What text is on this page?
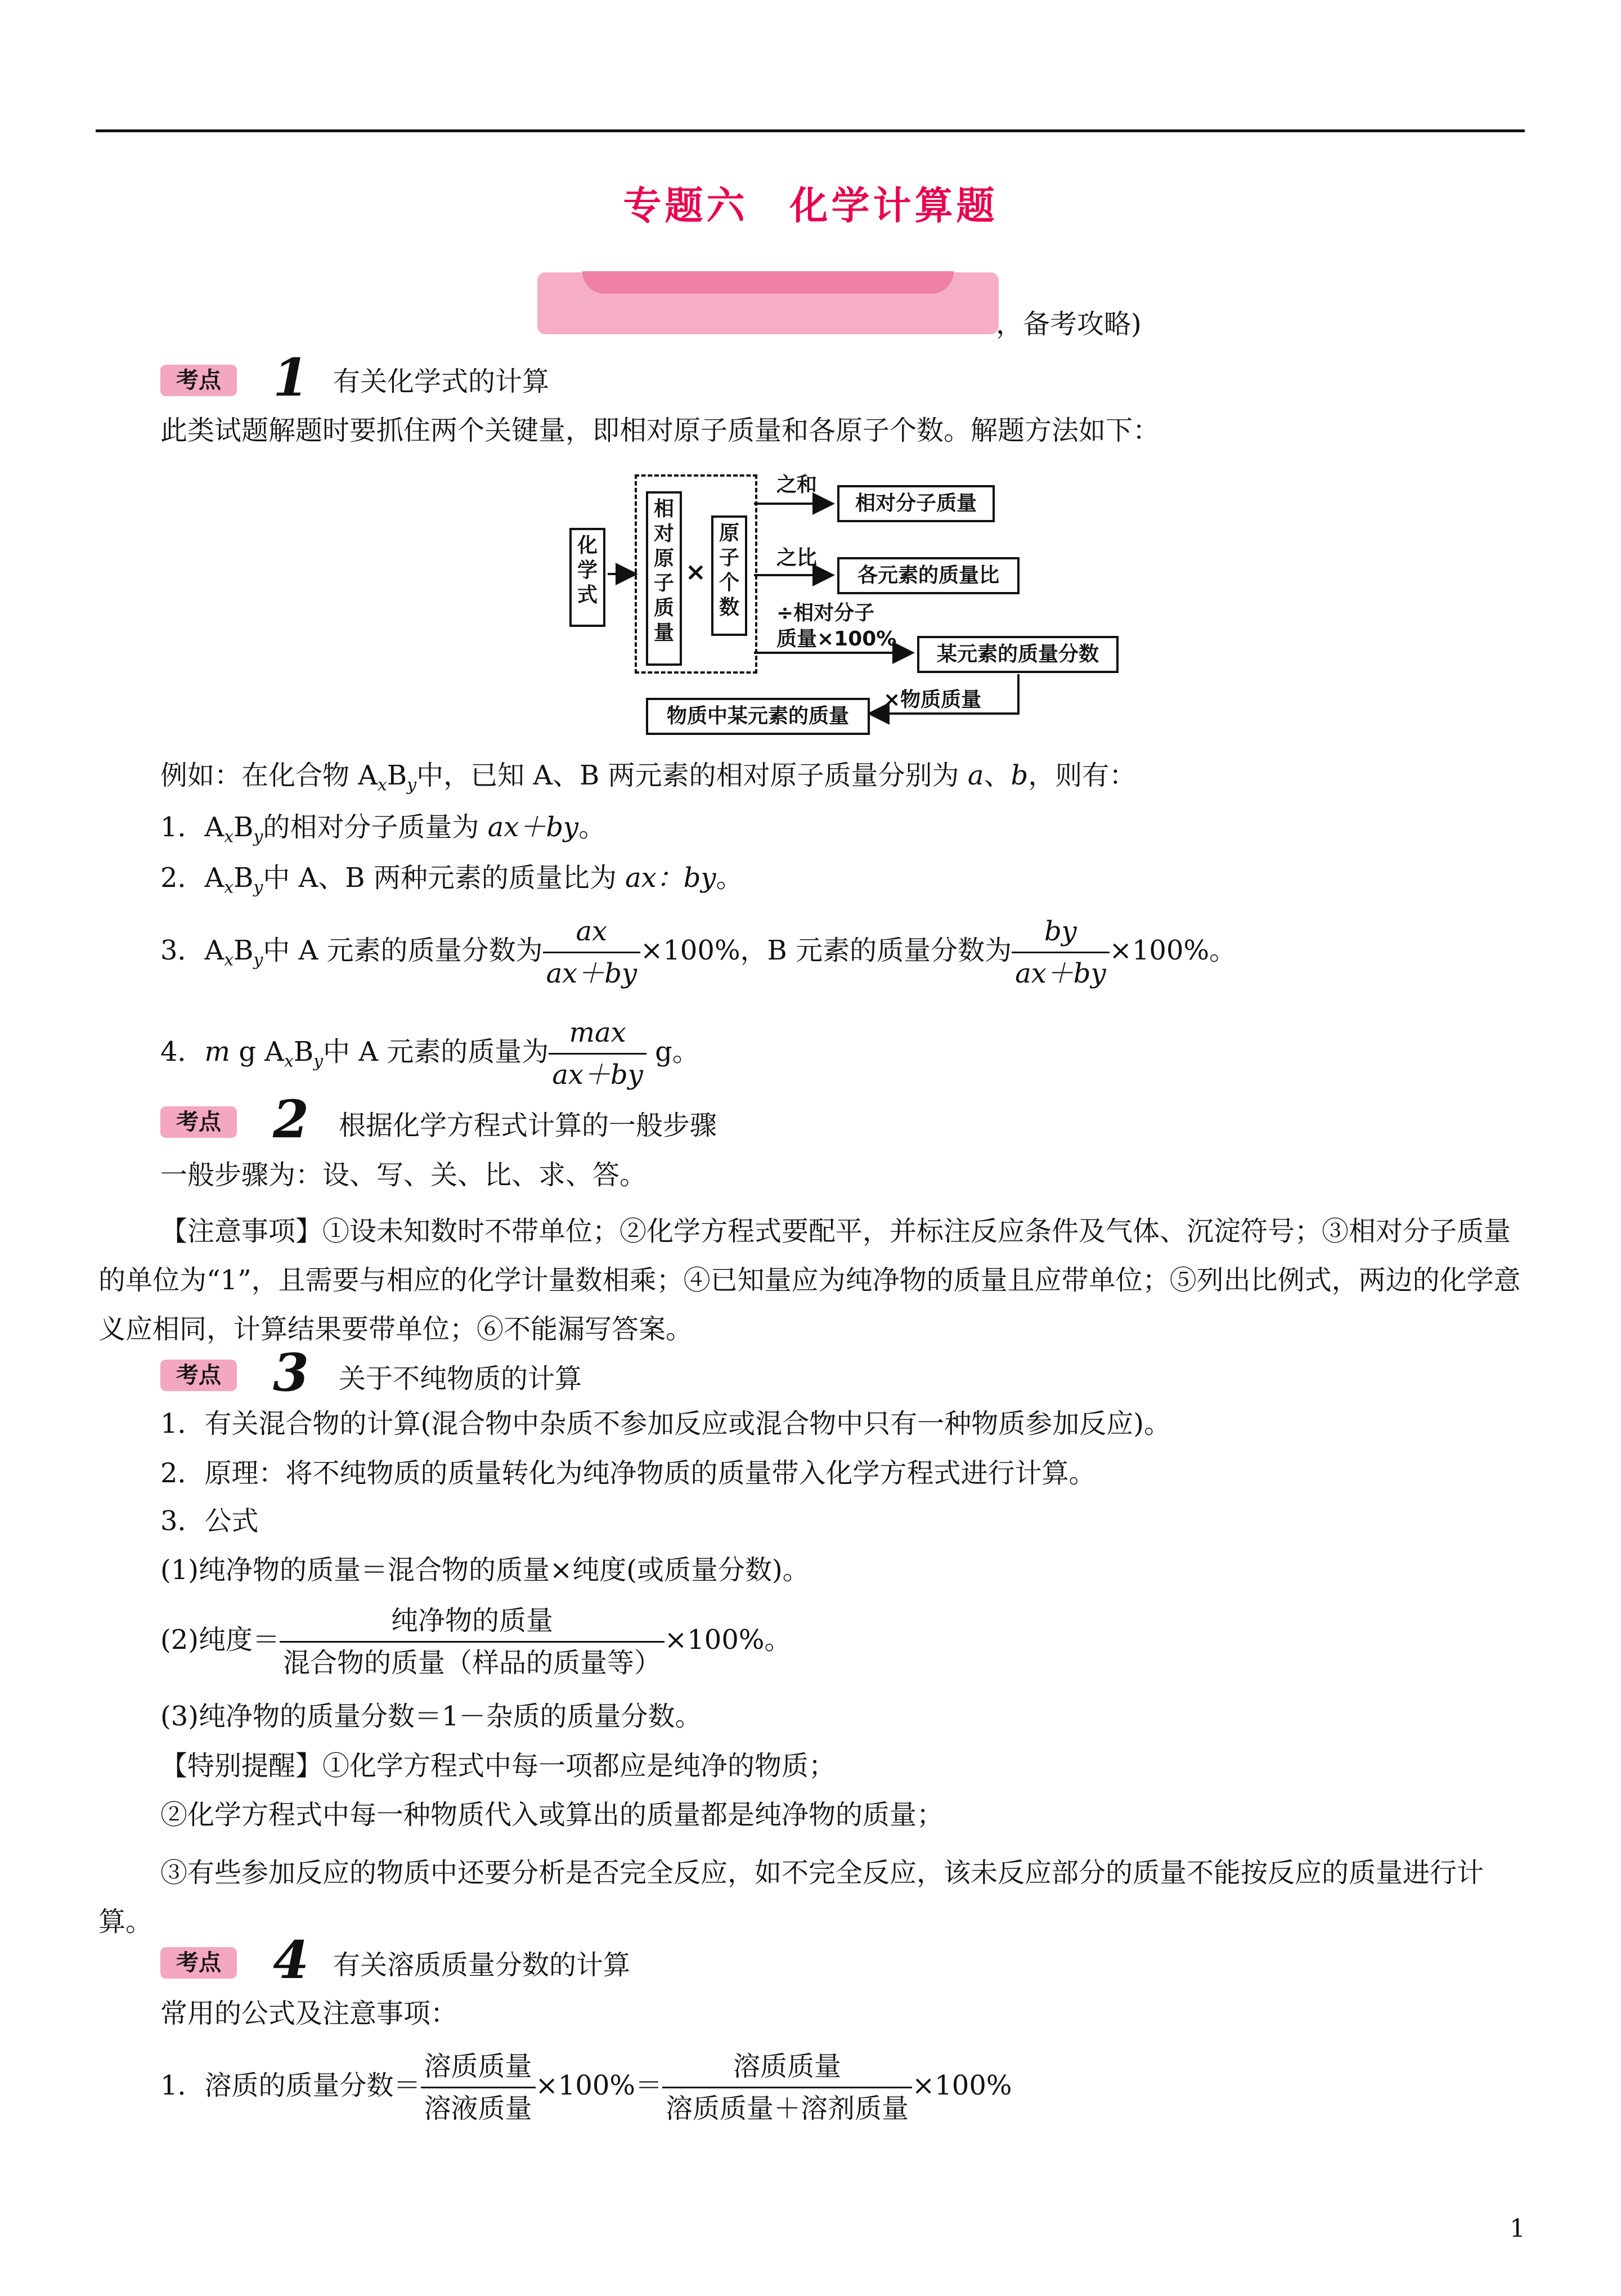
专题六　化学计算题
，备考攻略)
考点	1 有关化学式的计算
此类试题解题时要抓住两个关键量，即相对原子质量和各原子个数。解题方法如下：
化学式
相对原子质量
×
原子个数
之和
相对分子质量
之比
各元素的质量比
÷相对分子
质量×100%
某元素的质量分数
×物质质量
物质中某元素的质量
例如：在化合物 $A_xB_y$中，已知 A、B 两元素的相对原子质量分别为 a、b，则有：
1．$A_xB_y$的相对分子质量为 ax＋by。
2．$A_xB_y$中 A、B 两种元素的质量比为 ax：by。
3．$A_xB_y$中 A 元素的质量分数为 $\frac{ax}{ax+by} \times 100\%$，B 元素的质量分数为 $\frac{by}{ax+by} \times 100\%$。
4．m g $A_xB_y$中 A 元素的质量为 $\frac{\max}{ax+by}$ g。
考点	2 根据化学方程式计算的一般步骤
一般步骤为：设、写、关、比、求、答。
【注意事项】①设未知数时不带单位；②化学方程式要配平，并标注反应条件及气体、沉淀符号；③相对分子质量的单位为“1”，且需要与相应的化学计量数相乘；④已知量应为纯净物的质量且应带单位；⑤列出比例式，两边的化学意义应相同，计算结果要带单位；⑥不能漏写答案。
考点	3 关于不纯物质的计算
1．有关混合物的计算(混合物中杂质不参加反应或混合物中只有一种物质参加反应)。
2．原理：将不纯物质的质量转化为纯净物质的质量带入化学方程式进行计算。
3．公式
(1)纯净物的质量＝混合物的质量×纯度(或质量分数)。
(2)纯度＝ $\frac{\text{纯净物的质量}}{\text{混合物的质量（样品的质量等）}} \times 100\%$。
(3)纯净物的质量分数＝1－杂质的质量分数。
【特别提醒】①化学方程式中每一项都应是纯净的物质；
②化学方程式中每一种物质代入或算出的质量都是纯净物的质量；
③有些参加反应的物质中还要分析是否完全反应，如不完全反应，该未反应部分的质量不能按反应的质量进行计算。
考点	4 有关溶质质量分数的计算
常用的公式及注意事项：
1．溶质的质量分数＝ $\frac{\text{溶质质量}}{\text{溶液质量}} \times 100\%= \frac{\text{溶质质量}}{\text{溶质质量＋溶剂质量}} \times 100\%$
1
